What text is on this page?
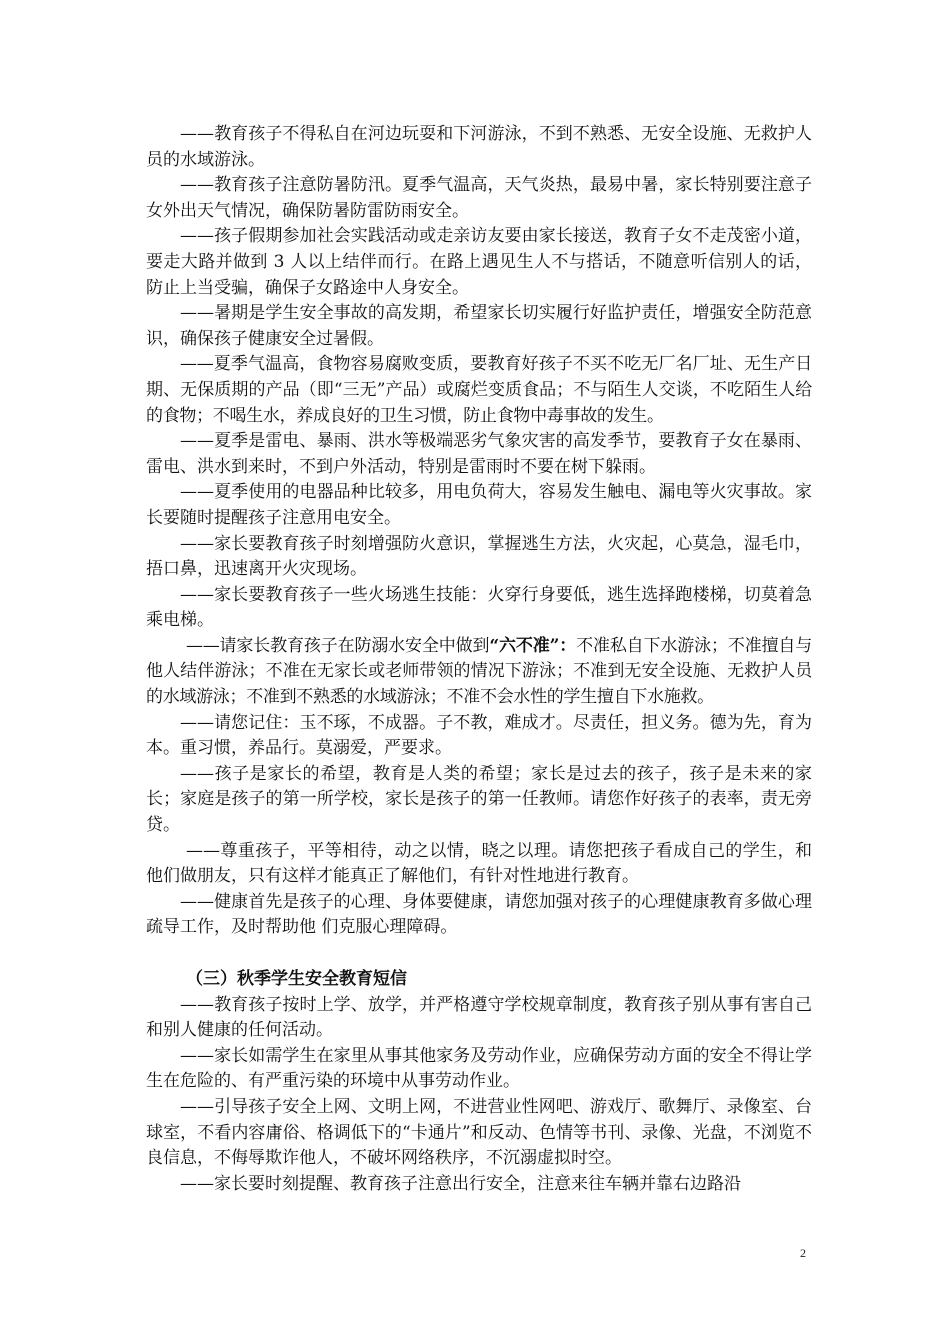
——教育孩子不得私自在河边玩耍和下河游泳，不到不熟悉、无安全设施、无救护人员的水域游泳。

——教育孩子注意防暑防汛。夏季气温高，天气炎热，最易中暑，家长特别要注意子女外出天气情况，确保防暑防雷防雨安全。

——孩子假期参加社会实践活动或走亲访友要由家长接送，教育子女不走茂密小道，要走大路并做到 3 人以上结伴而行。在路上遇见生人不与搭话，不随意听信别人的话，防止上当受骗，确保子女路途中人身安全。

——暑期是学生安全事故的高发期，希望家长切实履行好监护责任，增强安全防范意识，确保孩子健康安全过暑假。

——夏季气温高，食物容易腐败变质，要教育好孩子不买不吃无厂名厂址、无生产日期、无保质期的产品（即“三无”产品）或腐烂变质食品；不与陌生人交谈，不吃陌生人给的食物；不喝生水，养成良好的卫生习惯，防止食物中毒事故的发生。

——夏季是雷电、暴雨、洪水等极端恶劣气象灾害的高发季节，要教育子女在暴雨、雷电、洪水到来时，不到户外活动，特别是雷雨时不要在树下躲雨。

——夏季使用的电器品种比较多，用电负荷大，容易发生触电、漏电等火灾事故。家长要随时提醒孩子注意用电安全。

——家长要教育孩子时刻增强防火意识，掌握逃生方法，火灾起，心莫急，湿毛巾，捂口鼻，迅速离开火灾现场。

——家长要教育孩子一些火场逃生技能：火穿行身要低，逃生选择跑楼梯，切莫着急乘电梯。

——请家长教育孩子在防溺水安全中做到“六不准”：不准私自下水游泳；不准擅自与他人结伴游泳；不准在无家长或老师带领的情况下游泳；不准到无安全设施、无救护人员的水域游泳；不准到不熟悉的水域游泳；不准不会水性的学生擅自下水施救。

——请您记住：玉不琢，不成器。子不教，难成才。尽责任，担义务。德为先，育为本。重习惯，养品行。莫溺爱，严要求。

——孩子是家长的希望，教育是人类的希望；家长是过去的孩子，孩子是未来的家长；家庭是孩子的第一所学校，家长是孩子的第一任教师。请您作好孩子的表率，责无旁贷。

——尊重孩子，平等相待，动之以情，晓之以理。请您把孩子看成自己的学生，和他们做朋友，只有这样才能真正了解他们，有针对性地进行教育。

——健康首先是孩子的心理、身体要健康，请您加强对孩子的心理健康教育多做心理疏导工作，及时帮助他 们克服心理障碍。

（三）秋季学生安全教育短信

——教育孩子按时上学、放学，并严格遵守学校规章制度，教育孩子别从事有害自己和别人健康的任何活动。

——家长如需学生在家里从事其他家务及劳动作业，应确保劳动方面的安全不得让学生在危险的、有严重污染的环境中从事劳动作业。

——引导孩子安全上网、文明上网，不进营业性网吧、游戏厅、歌舞厅、录像室、台球室，不看内容庸俗、格调低下的“卡通片”和反动、色情等书刊、录像、光盘，不浏览不良信息，不侮辱欺诈他人，不破坏网络秩序，不沉溺虚拟时空。

——家长要时刻提醒、教育孩子注意出行安全，注意来往车辆并靠右边路沿

2
